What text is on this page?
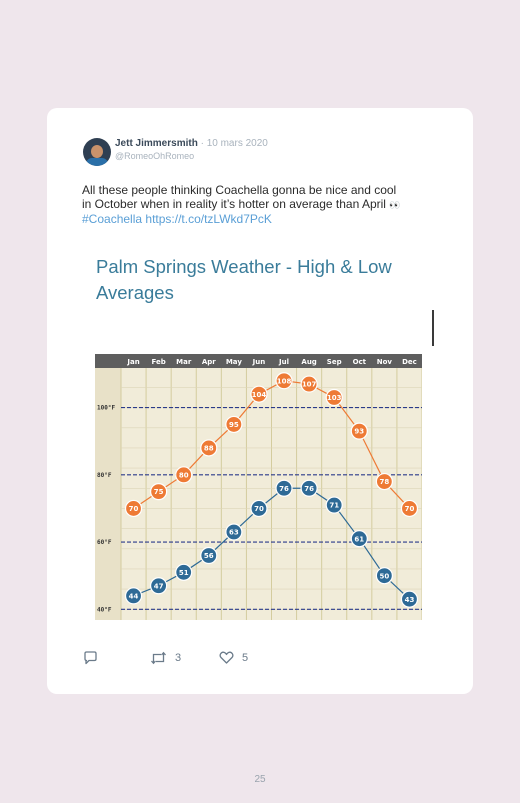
Jett Jimmersmith · 10 mars 2020
@RomeoOhRomeo
All these people thinking Coachella gonna be nice and cool
in October when in reality it’s hotter on average than April 👀
#Coachella https://t.co/tzLWkd7PcK
Palm Springs Weather - High & Low Averages
100°F
80°F
60°F
40°F
Jan Feb Mar Apr May Jun Jul Aug Sep Oct Nov Dec
70
75
80
88
95
104
108 107
103
93
78
70
44
47
51
56
63
70
76 76
71
61
50
43
3	5
25
